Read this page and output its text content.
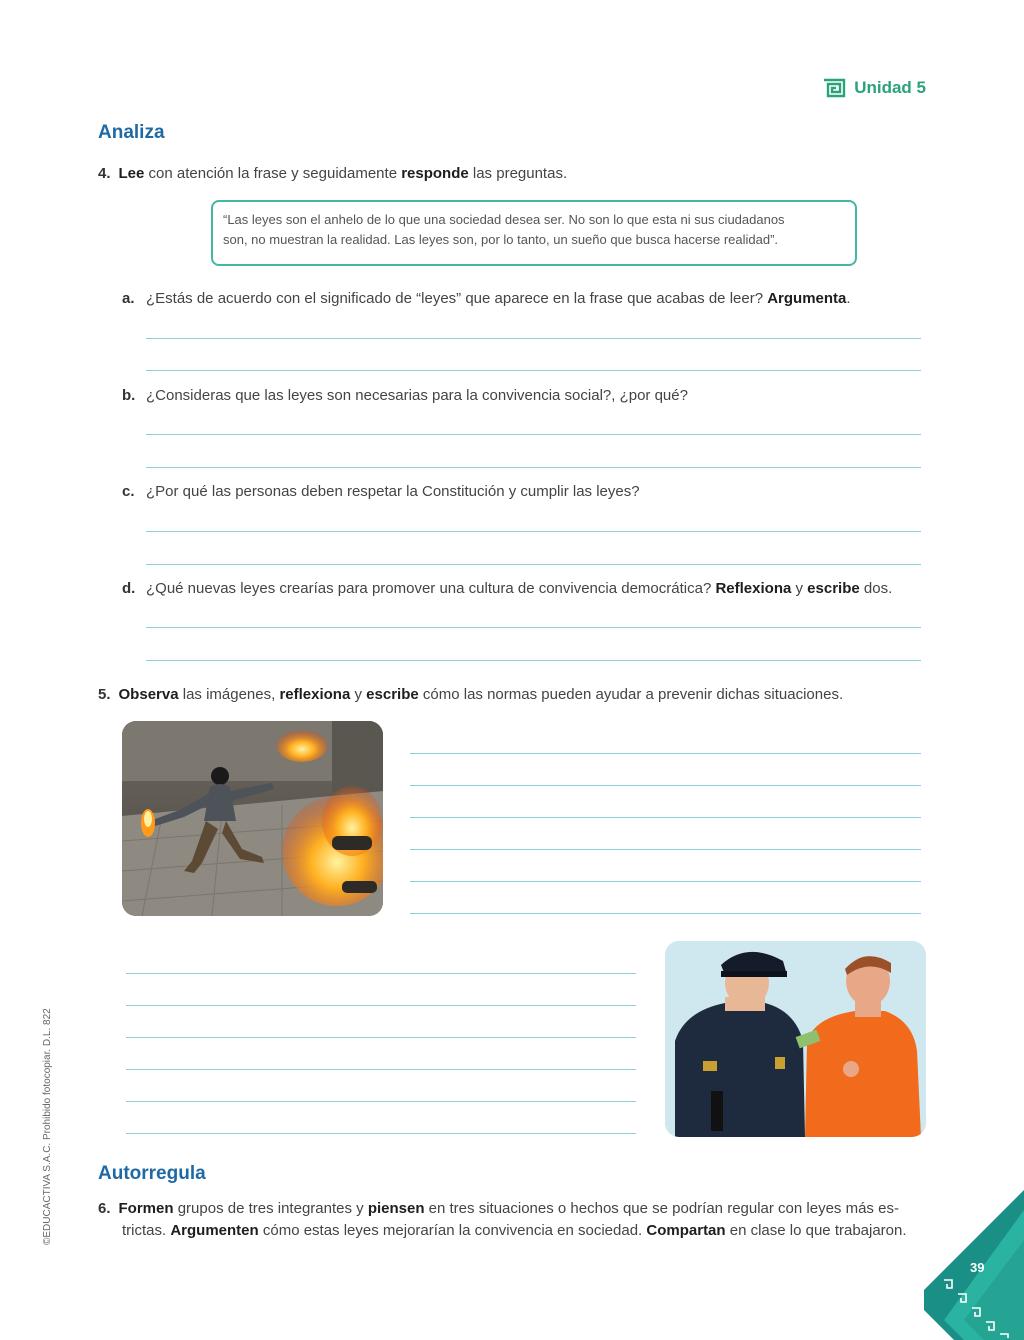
Unidad 5
Analiza
4. Lee con atención la frase y seguidamente responde las preguntas.
“Las leyes son el anhelo de lo que una sociedad desea ser. No son lo que esta ni sus ciudadanos
son, no muestran la realidad. Las leyes son, por lo tanto, un sueño que busca hacerse realidad”.
a. ¿Estás de acuerdo con el significado de “leyes” que aparece en la frase que acabas de leer? Argumenta.
b. ¿Consideras que las leyes son necesarias para la convivencia social?, ¿por qué?
c. ¿Por qué las personas deben respetar la Constitución y cumplir las leyes?
d. ¿Qué nuevas leyes crearías para promover una cultura de convivencia democrática? Reflexiona y escribe dos.
5. Observa las imágenes, reflexiona y escribe cómo las normas pueden ayudar a prevenir dichas situaciones.
Autorregula
6. Formen grupos de tres integrantes y piensen en tres situaciones o hechos que se podrían regular con leyes más es-
trictas. Argumenten cómo estas leyes mejorarían la convivencia en sociedad. Compartan en clase lo que trabajaron.
©EDUCACTIVA S.A.C. Prohibido fotocopiar. D.L. 822
39
